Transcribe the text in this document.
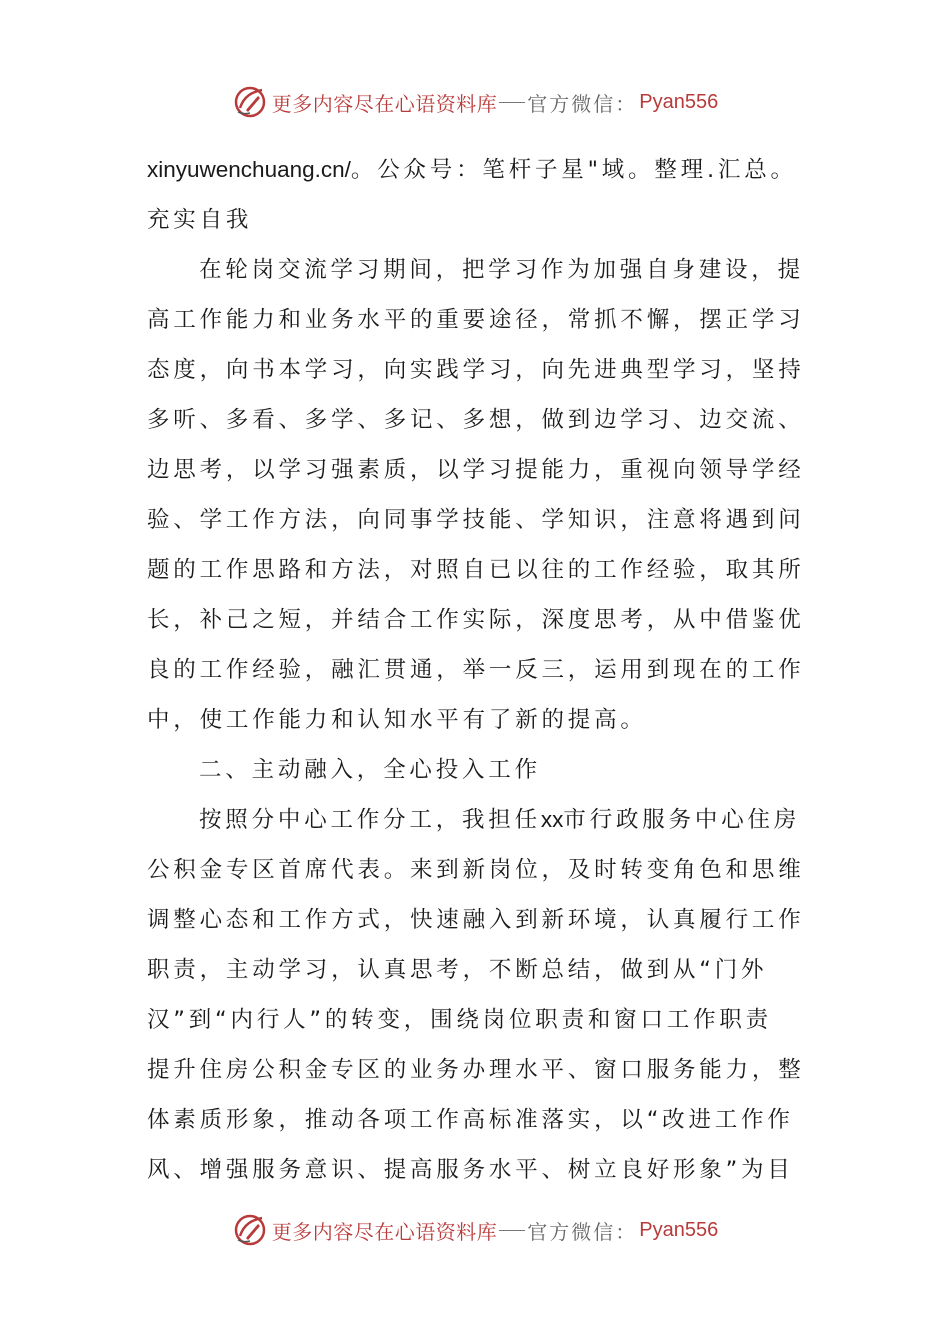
更多内容尽在心语资料库 官方微信： Pyan556
xinyuwenchuang.cn/。公众号：笔杆子星"域。整理.汇总。
充实自我
在轮岗交流学习期间，把学习作为加强自身建设，提
高工作能力和业务水平的重要途径，常抓不懈，摆正学习
态度，向书本学习，向实践学习，向先进典型学习，坚持
多听、多看、多学、多记、多想，做到边学习、边交流、
边思考，以学习强素质，以学习提能力，重视向领导学经
验、学工作方法，向同事学技能、学知识，注意将遇到问
题的工作思路和方法，对照自已以往的工作经验，取其所
长，补己之短，并结合工作实际，深度思考，从中借鉴优
良的工作经验，融汇贯通，举一反三，运用到现在的工作
中，使工作能力和认知水平有了新的提高。
二、主动融入，全心投入工作
按照分中心工作分工，我担任xx市行政服务中心住房
公积金专区首席代表。来到新岗位，及时转变角色和思维
调整心态和工作方式，快速融入到新环境，认真履行工作
职责，主动学习，认真思考，不断总结，做到从“门外
汉”到“内行人”的转变，围绕岗位职责和窗口工作职责
提升住房公积金专区的业务办理水平、窗口服务能力，整
体素质形象，推动各项工作高标准落实，以“改进工作作
风、增强服务意识、提高服务水平、树立良好形象”为目
更多内容尽在心语资料库 官方微信： Pyan556
